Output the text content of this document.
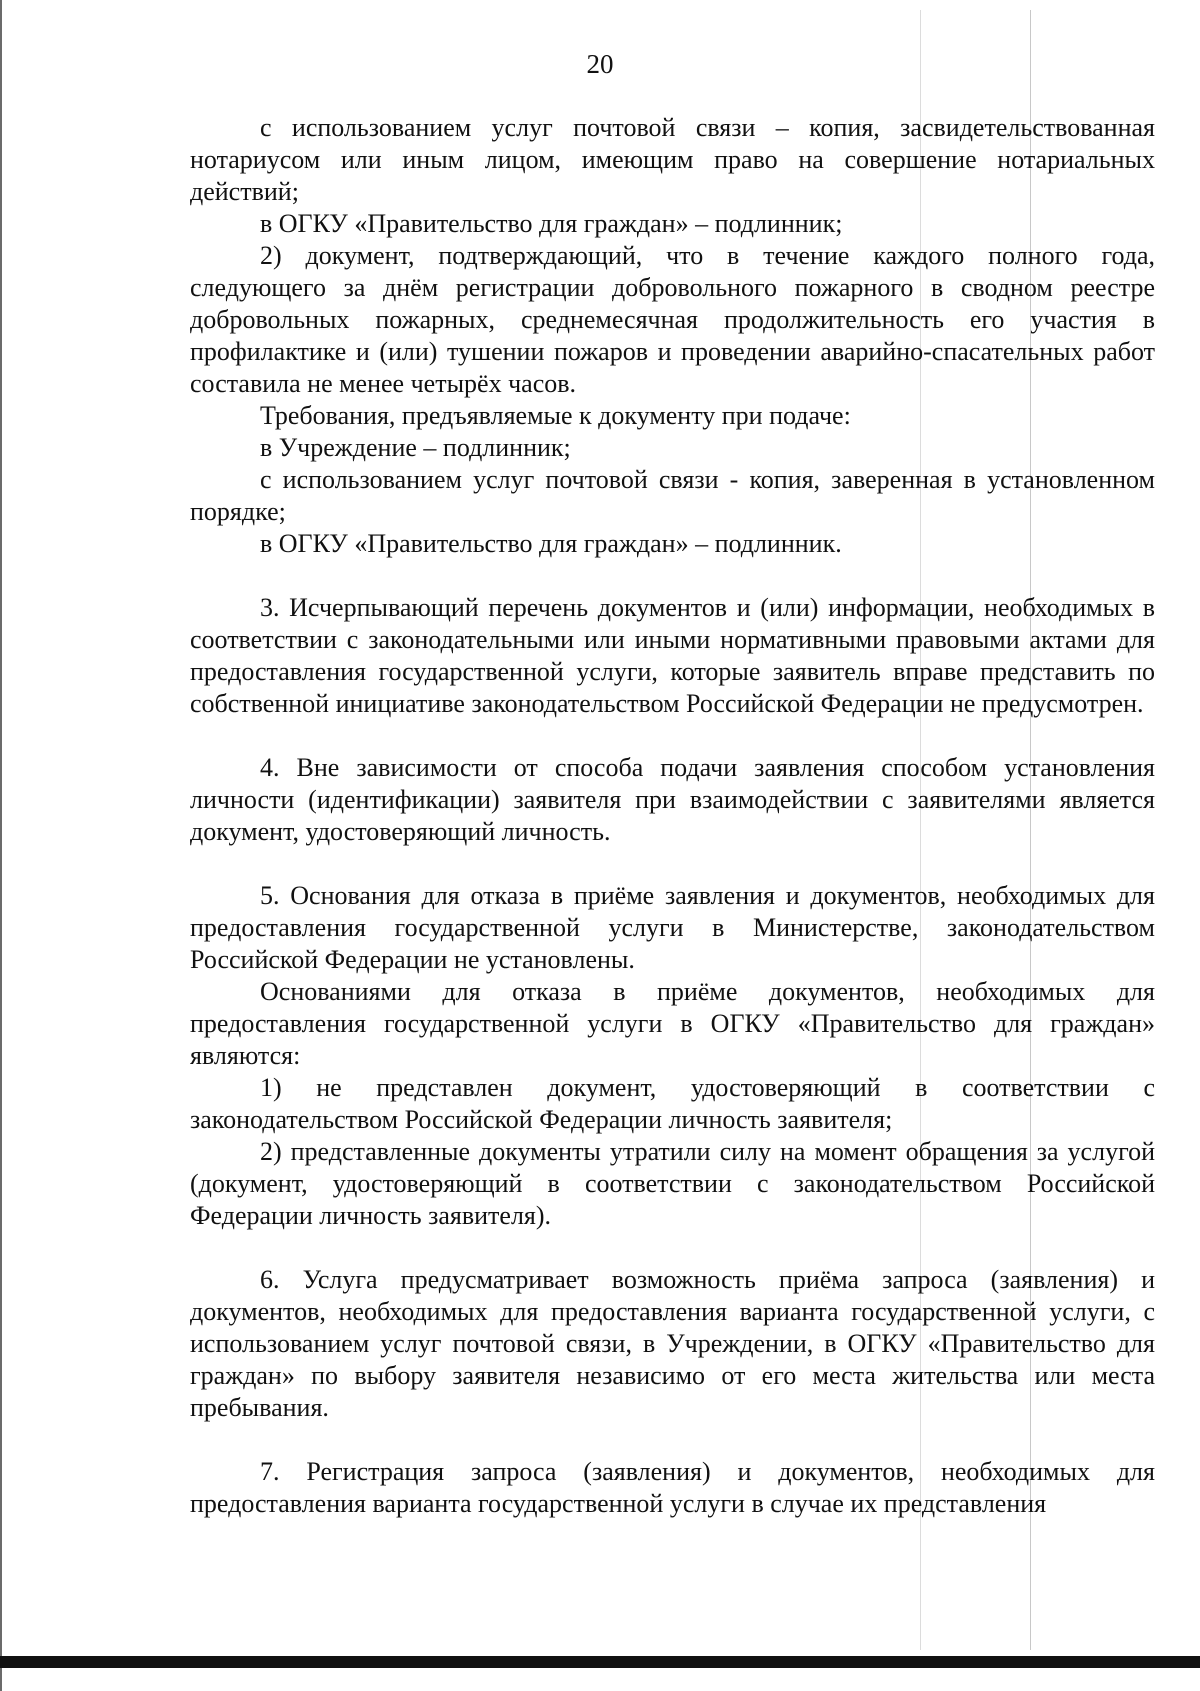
20

с использованием услуг почтовой связи – копия, засвидетельствованная нотариусом или иным лицом, имеющим право на совершение нотариальных действий;

в ОГКУ «Правительство для граждан» – подлинник;

2) документ, подтверждающий, что в течение каждого полного года, следующего за днём регистрации добровольного пожарного в сводном реестре добровольных пожарных, среднемесячная продолжительность его участия в профилактике и (или) тушении пожаров и проведении аварийно-спасательных работ составила не менее четырёх часов.

Требования, предъявляемые к документу при подаче:

в Учреждение – подлинник;

с использованием услуг почтовой связи - копия, заверенная в установленном порядке;

в ОГКУ «Правительство для граждан» – подлинник.

3. Исчерпывающий перечень документов и (или) информации, необходимых в соответствии с законодательными или иными нормативными правовыми актами для предоставления государственной услуги, которые заявитель вправе представить по собственной инициативе законодательством Российской Федерации не предусмотрен.

4. Вне зависимости от способа подачи заявления способом установления личности (идентификации) заявителя при взаимодействии с заявителями является документ, удостоверяющий личность.

5. Основания для отказа в приёме заявления и документов, необходимых для предоставления государственной услуги в Министерстве, законодательством Российской Федерации не установлены.

Основаниями для отказа в приёме документов, необходимых для предоставления государственной услуги в ОГКУ «Правительство для граждан» являются:

1) не представлен документ, удостоверяющий в соответствии с законодательством Российской Федерации личность заявителя;

2) представленные документы утратили силу на момент обращения за услугой (документ, удостоверяющий в соответствии с законодательством Российской Федерации личность заявителя).

6. Услуга предусматривает возможность приёма запроса (заявления) и документов, необходимых для предоставления варианта государственной услуги, с использованием услуг почтовой связи, в Учреждении, в ОГКУ «Правительство для граждан» по выбору заявителя независимо от его места жительства или места пребывания.

7. Регистрация запроса (заявления) и документов, необходимых для предоставления варианта государственной услуги в случае их представления
